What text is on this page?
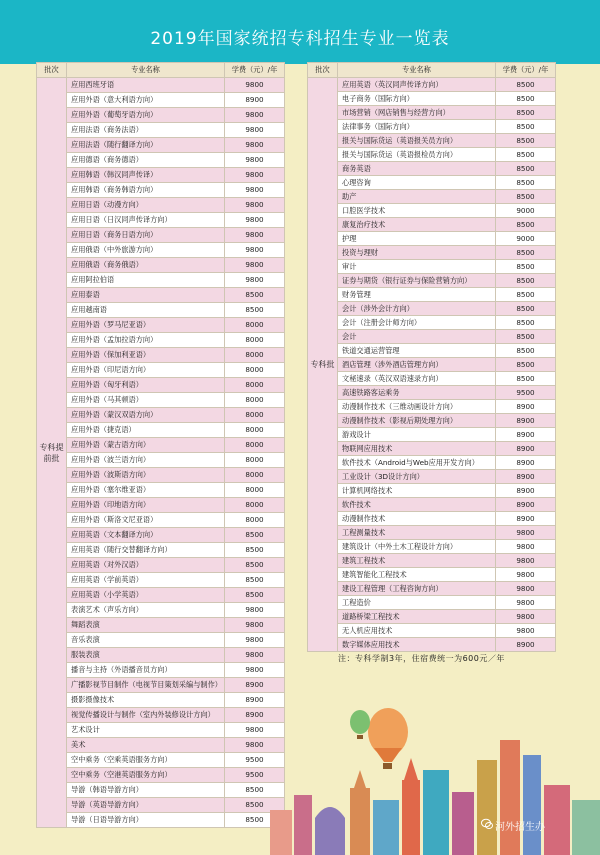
2019年国家统招专科招生专业一览表
批次	专业名称	学费（元）/年
专科提前批	应用西班牙语	9800
	应用外语（意大利语方向）	8900
	应用外语（葡萄牙语方向）	9800
	应用法语（商务法语）	9800
	应用法语（随行翻译方向）	9800
	应用德语（商务德语）	9800
	应用韩语（韩汉同声传译）	9800
	应用韩语（商务韩语方向）	9800
	应用日语（动漫方向）	9800
	应用日语（日汉同声传译方向）	9800
	应用日语（商务日语方向）	9800
	应用俄语（中外旅游方向）	9800
	应用俄语（商务俄语）	9800
	应用阿拉伯语	9800
	应用泰语	8500
	应用越南语	8500
	应用外语（罗马尼亚语）	8000
	应用外语（孟加拉语方向）	8000
	应用外语（保加利亚语）	8000
	应用外语（印尼语方向）	8000
	应用外语（匈牙利语）	8000
	应用外语（马其顿语）	8000
	应用外语（蒙汉双语方向）	8000
	应用外语（捷克语）	8000
	应用外语（蒙古语方向）	8000
	应用外语（波兰语方向）	8000
	应用外语（波斯语方向）	8000
	应用外语（塞尔维亚语）	8000
	应用外语（印地语方向）	8000
	应用外语（斯洛文尼亚语）	8000
	应用英语（文本翻译方向）	8500
	应用英语（随行交替翻译方向）	8500
	应用英语（对外汉语）	8500
	应用英语（学前英语）	8500
	应用英语（小学英语）	8500
	表演艺术（声乐方向）	9800
	舞蹈表演	9800
	音乐表演	9800
	服装表演	9800
	播音与主持（外语播音员方向）	9800
	广播影视节目制作（电视节目策划采编与制作）	8900
	摄影摄像技术	8900
	视觉传播设计与制作（室内外装修设计方向）	8900
	艺术设计	9800
	美术	9800
	空中乘务（空乘英语服务方向）	9500
	空中乘务（空港英语服务方向）	9500
	导游（韩语导游方向）	8500
	导游（英语导游方向）	8500
	导游（日语导游方向）	8500
批次	专业名称	学费（元）/年
专科批	应用英语（英汉同声传译方向）	8500
	电子商务（国际方向）	8500
	市场营销（网店销售与经营方向）	8500
	法律事务（国际方向）	8500
	报关与国际货运（英语报关员方向）	8500
	报关与国际货运（英语报检员方向）	8500
	商务英语	8500
	心理咨询	8500
	助产	8500
	口腔医学技术	9000
	康复治疗技术	8500
	护理	9000
	投资与理财	8500
	审计	8500
	证券与期货（银行证券与保险营销方向）	8500
	财务管理	8500
	会计（涉外会计方向）	8500
	会计（注册会计师方向）	8500
	会计	8500
	铁道交通运营管理	8500
	酒店管理（涉外酒店管理方向）	8500
	文秘速录（英汉双语速录方向）	8500
	高速铁路客运乘务	9500
	动漫制作技术（三维动画设计方向）	8900
	动漫制作技术（影视后期处理方向）	8900
	游戏设计	8900
	物联网应用技术	8900
	软件技术（Android与Web应用开发方向）	8900
	工业设计（3D设计方向）	8900
	计算机网络技术	8900
	软件技术	8900
	动漫制作技术	8900
	工程测量技术	9800
	建筑设计（中外土木工程设计方向）	9800
	建筑工程技术	9800
	建筑智能化工程技术	9800
	建设工程管理（工程咨询方向）	9800
	工程造价	9800
	道路桥梁工程技术	9800
	无人机应用技术	9800
	数字媒体应用技术	8900
注：专科学制3年，住宿费统一为600元／年
河外招生办
